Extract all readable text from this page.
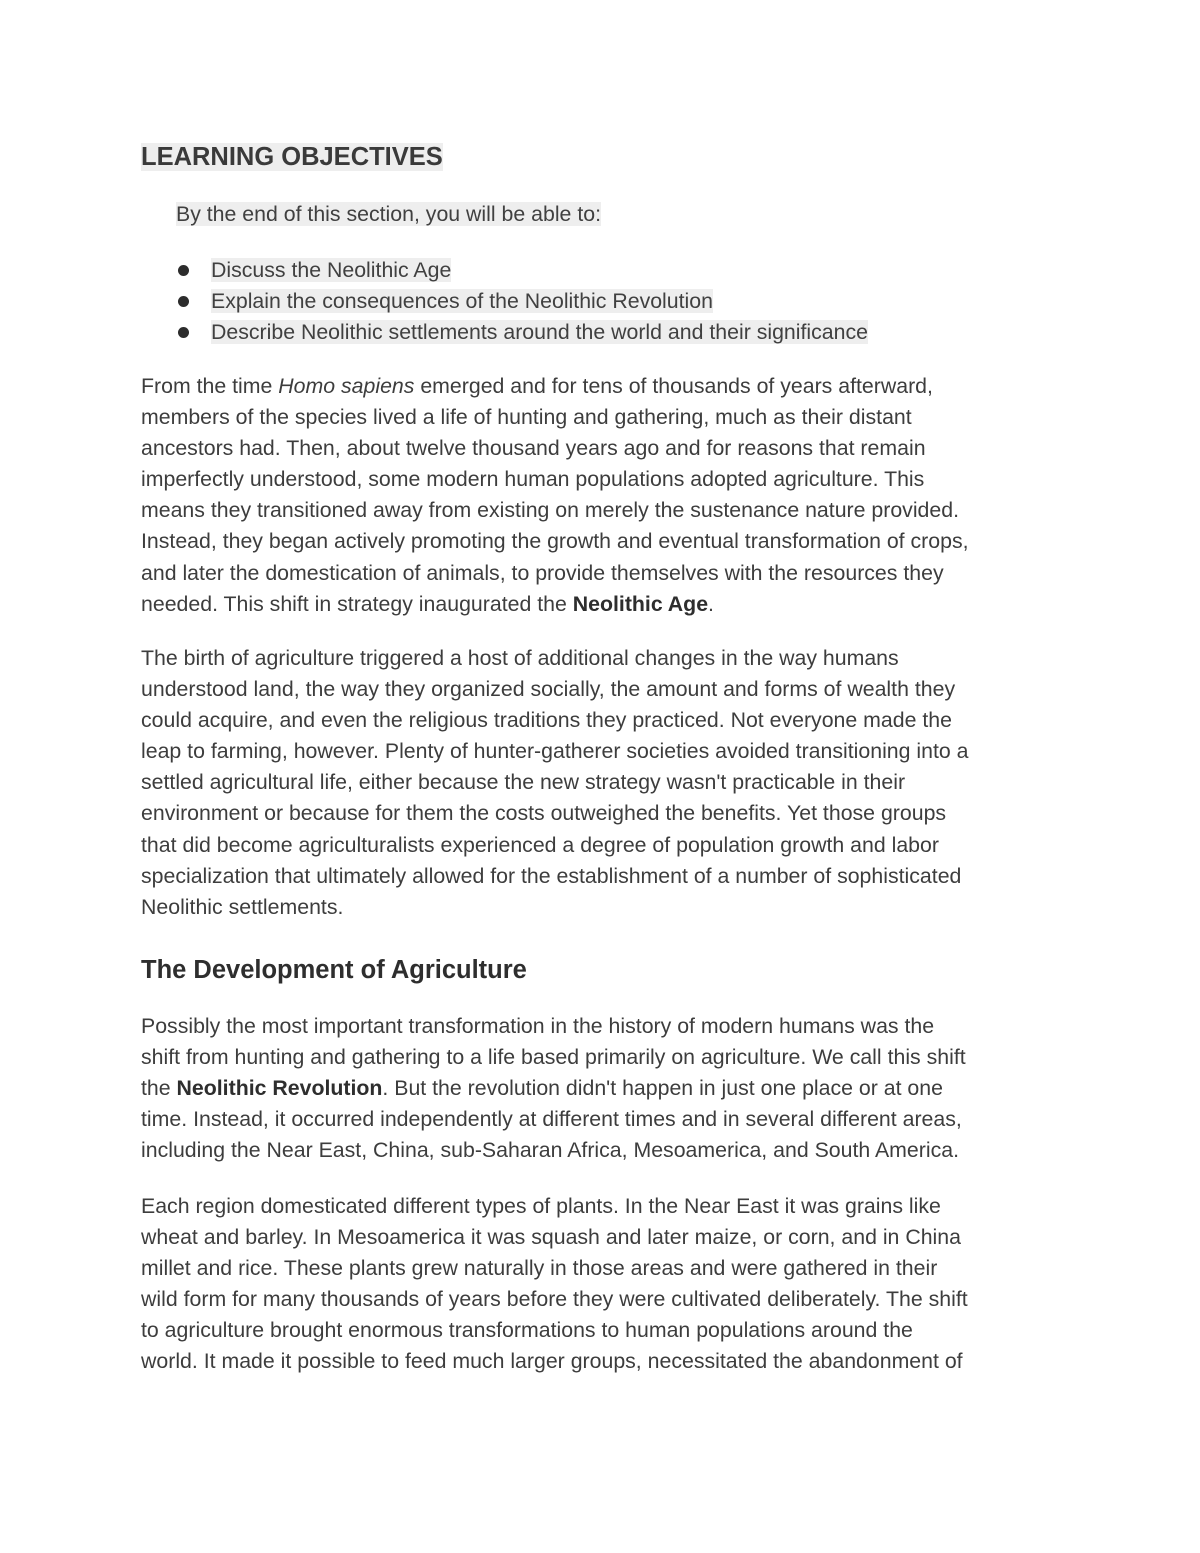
LEARNING OBJECTIVES

By the end of this section, you will be able to:

Discuss the Neolithic Age
Explain the consequences of the Neolithic Revolution
Describe Neolithic settlements around the world and their significance

From the time Homo sapiens emerged and for tens of thousands of years afterward,
members of the species lived a life of hunting and gathering, much as their distant
ancestors had. Then, about twelve thousand years ago and for reasons that remain
imperfectly understood, some modern human populations adopted agriculture. This
means they transitioned away from existing on merely the sustenance nature provided.
Instead, they began actively promoting the growth and eventual transformation of crops,
and later the domestication of animals, to provide themselves with the resources they
needed. This shift in strategy inaugurated the Neolithic Age.

The birth of agriculture triggered a host of additional changes in the way humans
understood land, the way they organized socially, the amount and forms of wealth they
could acquire, and even the religious traditions they practiced. Not everyone made the
leap to farming, however. Plenty of hunter-gatherer societies avoided transitioning into a
settled agricultural life, either because the new strategy wasn't practicable in their
environment or because for them the costs outweighed the benefits. Yet those groups
that did become agriculturalists experienced a degree of population growth and labor
specialization that ultimately allowed for the establishment of a number of sophisticated
Neolithic settlements.

The Development of Agriculture

Possibly the most important transformation in the history of modern humans was the
shift from hunting and gathering to a life based primarily on agriculture. We call this shift
the Neolithic Revolution. But the revolution didn't happen in just one place or at one
time. Instead, it occurred independently at different times and in several different areas,
including the Near East, China, sub-Saharan Africa, Mesoamerica, and South America.

Each region domesticated different types of plants. In the Near East it was grains like
wheat and barley. In Mesoamerica it was squash and later maize, or corn, and in China
millet and rice. These plants grew naturally in those areas and were gathered in their
wild form for many thousands of years before they were cultivated deliberately. The shift
to agriculture brought enormous transformations to human populations around the
world. It made it possible to feed much larger groups, necessitated the abandonment of
